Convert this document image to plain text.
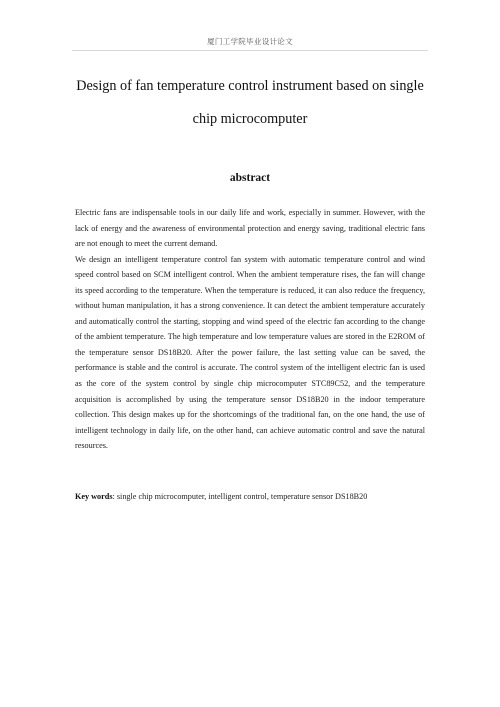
厦门工学院毕业设计论文
Design of fan temperature control instrument based on single
chip microcomputer
abstract

Electric fans are indispensable tools in our daily life and work, especially in summer. However, with the lack of energy and the awareness of environmental protection and energy saving, traditional electric fans are not enough to meet the current demand.

We design an intelligent temperature control fan system with automatic temperature control and wind speed control based on SCM intelligent control. When the ambient temperature rises, the fan will change its speed according to the temperature. When the temperature is reduced, it can also reduce the frequency, without human manipulation, it has a strong convenience. It can detect the ambient temperature accurately and automatically control the starting, stopping and wind speed of the electric fan according to the change of the ambient temperature. The high temperature and low temperature values are stored in the E2ROM of the temperature sensor DS18B20. After the power failure, the last setting value can be saved, the performance is stable and the control is accurate. The control system of the intelligent electric fan is used as the core of the system control by single chip microcomputer STC89C52, and the temperature acquisition is accomplished by using the temperature sensor DS18B20 in the indoor temperature collection. This design makes up for the shortcomings of the traditional fan, on the one hand, the use of intelligent technology in daily life, on the other hand, can achieve automatic control and save the natural resources.

Key words: single chip microcomputer, intelligent control, temperature sensor DS18B20
